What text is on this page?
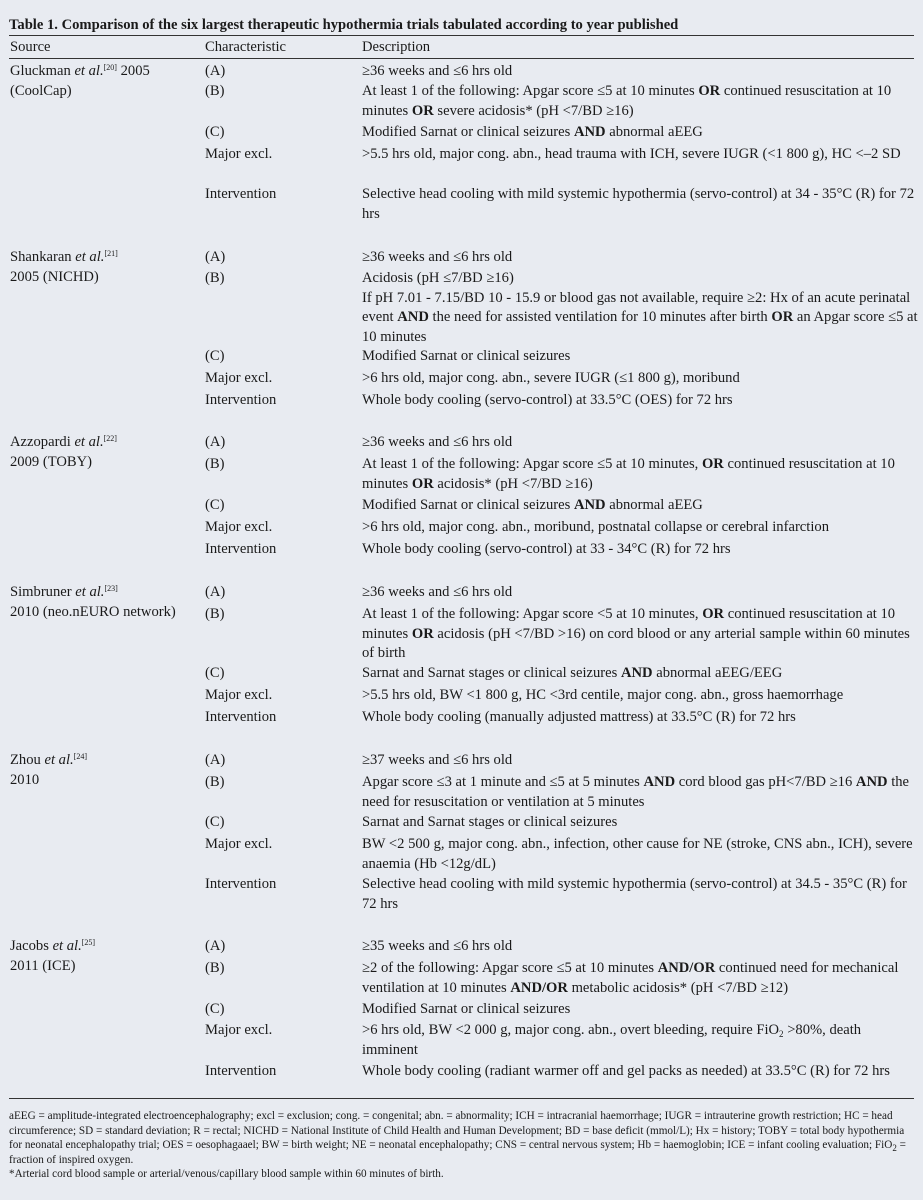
Table 1. Comparison of the six largest therapeutic hypothermia trials tabulated according to year published
Source	Characteristic	Description
Gluckman et al.[20] 2005
(CoolCap)
(A)	≥36 weeks and ≤6 hrs old
(B)	At least 1 of the following: Apgar score ≤5 at 10 minutes OR continued resuscitation at 10 minutes OR severe acidosis* (pH <7/BD ≥16)
(C)	Modified Sarnat or clinical seizures AND abnormal aEEG
Major excl.	>5.5 hrs old, major cong. abn., head trauma with ICH, severe IUGR (<1 800 g), HC <–2 SD
Intervention	Selective head cooling with mild systemic hypothermia (servo-control) at 34 - 35°C (R) for 72 hrs
Shankaran et al.[21]
2005 (NICHD)
(A)	≥36 weeks and ≤6 hrs old
(B)	Acidosis (pH ≤7/BD ≥16)
If pH 7.01 - 7.15/BD 10 - 15.9 or blood gas not available, require ≥2: Hx of an acute perinatal event AND the need for assisted ventilation for 10 minutes after birth OR an Apgar score ≤5 at 10 minutes
(C)	Modified Sarnat or clinical seizures
Major excl.	>6 hrs old, major cong. abn., severe IUGR (≤1 800 g), moribund
Intervention	Whole body cooling (servo-control) at 33.5°C (OES) for 72 hrs
Azzopardi et al.[22]
2009 (TOBY)
(A)	≥36 weeks and ≤6 hrs old
(B)	At least 1 of the following: Apgar score ≤5 at 10 minutes, OR continued resuscitation at 10 minutes OR acidosis* (pH <7/BD ≥16)
(C)	Modified Sarnat or clinical seizures AND abnormal aEEG
Major excl.	>6 hrs old, major cong. abn., moribund, postnatal collapse or cerebral infarction
Intervention	Whole body cooling (servo-control) at 33 - 34°C (R) for 72 hrs
Simbruner et al.[23]
2010 (neo.nEURO network)
(A)	≥36 weeks and ≤6 hrs old
(B)	At least 1 of the following: Apgar score <5 at 10 minutes, OR continued resuscitation at 10 minutes OR acidosis (pH <7/BD >16) on cord blood or any arterial sample within 60 minutes of birth
(C)	Sarnat and Sarnat stages or clinical seizures AND abnormal aEEG/EEG
Major excl.	>5.5 hrs old, BW <1 800 g, HC <3rd centile, major cong. abn., gross haemorrhage
Intervention	Whole body cooling (manually adjusted mattress) at 33.5°C (R) for 72 hrs
Zhou et al.[24]
2010
(A)	≥37 weeks and ≤6 hrs old
(B)	Apgar score ≤3 at 1 minute and ≤5 at 5 minutes AND cord blood gas pH<7/BD ≥16 AND the need for resuscitation or ventilation at 5 minutes
(C)	Sarnat and Sarnat stages or clinical seizures
Major excl.	BW <2 500 g, major cong. abn., infection, other cause for NE (stroke, CNS abn., ICH), severe anaemia (Hb <12g/dL)
Intervention	Selective head cooling with mild systemic hypothermia (servo-control) at 34.5 - 35°C (R) for 72 hrs
Jacobs et al.[25]
2011 (ICE)
(A)	≥35 weeks and ≤6 hrs old
(B)	≥2 of the following: Apgar score ≤5 at 10 minutes AND/OR continued need for mechanical ventilation at 10 minutes AND/OR metabolic acidosis* (pH <7/BD ≥12)
(C)	Modified Sarnat or clinical seizures
Major excl.	>6 hrs old, BW <2 000 g, major cong. abn., overt bleeding, require FiO$_2$ >80%, death imminent
Intervention	Whole body cooling (radiant warmer off and gel packs as needed) at 33.5°C (R) for 72 hrs
aEEG = amplitude-integrated electroencephalography; excl = exclusion; cong. = congenital; abn. = abnormality; ICH = intracranial haemorrhage; IUGR = intrauterine growth restriction; HC = head circumference; SD = standard deviation; R = rectal; NICHD = National Institute of Child Health and Human Development; BD = base deficit (mmol/L); Hx = history; TOBY = total body hypothermia for neonatal encephalopathy trial; OES = oesophagaael; BW = birth weight; NE = neonatal encephalopathy; CNS = central nervous system; Hb = haemoglobin; ICE = infant cooling evaluation; FiO$_2$ = fraction of inspired oxygen.
*Arterial cord blood sample or arterial/venous/capillary blood sample within 60 minutes of birth.
